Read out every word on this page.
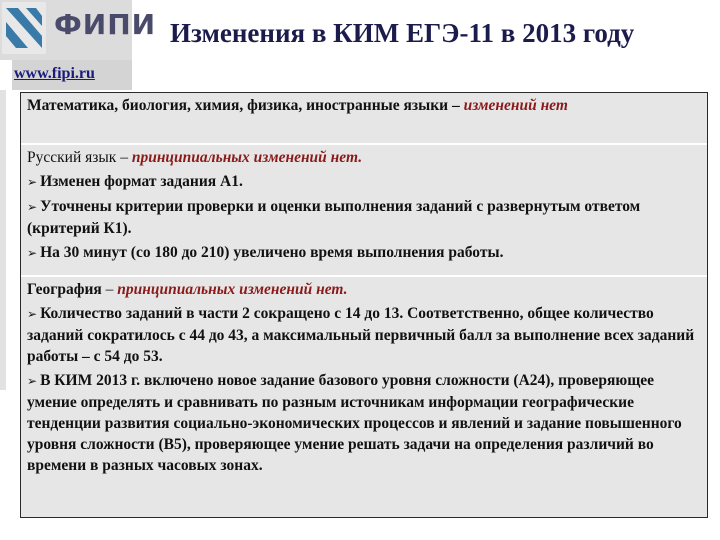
ФИПИ
www.fipi.ru
Изменения в КИМ ЕГЭ-11 в 2013 году
Математика, биология, химия, физика, иностранные языки – изменений нет
Русский язык – принципиальных изменений нет.
➢ Изменен формат задания А1.
➢ Уточнены критерии проверки и оценки выполнения заданий с развернутым ответом (критерий К1).
➢ На 30 минут (со 180 до 210) увеличено время выполнения работы.
География – принципиальных изменений нет.
➢ Количество заданий в части 2 сокращено с 14 до 13. Соответственно, общее количество заданий сократилось с 44 до 43, а максимальный первичный балл за выполнение всех заданий работы – с 54 до 53.
➢ В КИМ 2013 г. включено новое задание базового уровня сложности (А24), проверяющее умение определять и сравнивать по разным источникам информации географические тенденции развития социально-экономических процессов и явлений и задание повышенного уровня сложности (В5), проверяющее умение решать задачи на определения различий во времени в разных часовых зонах.
